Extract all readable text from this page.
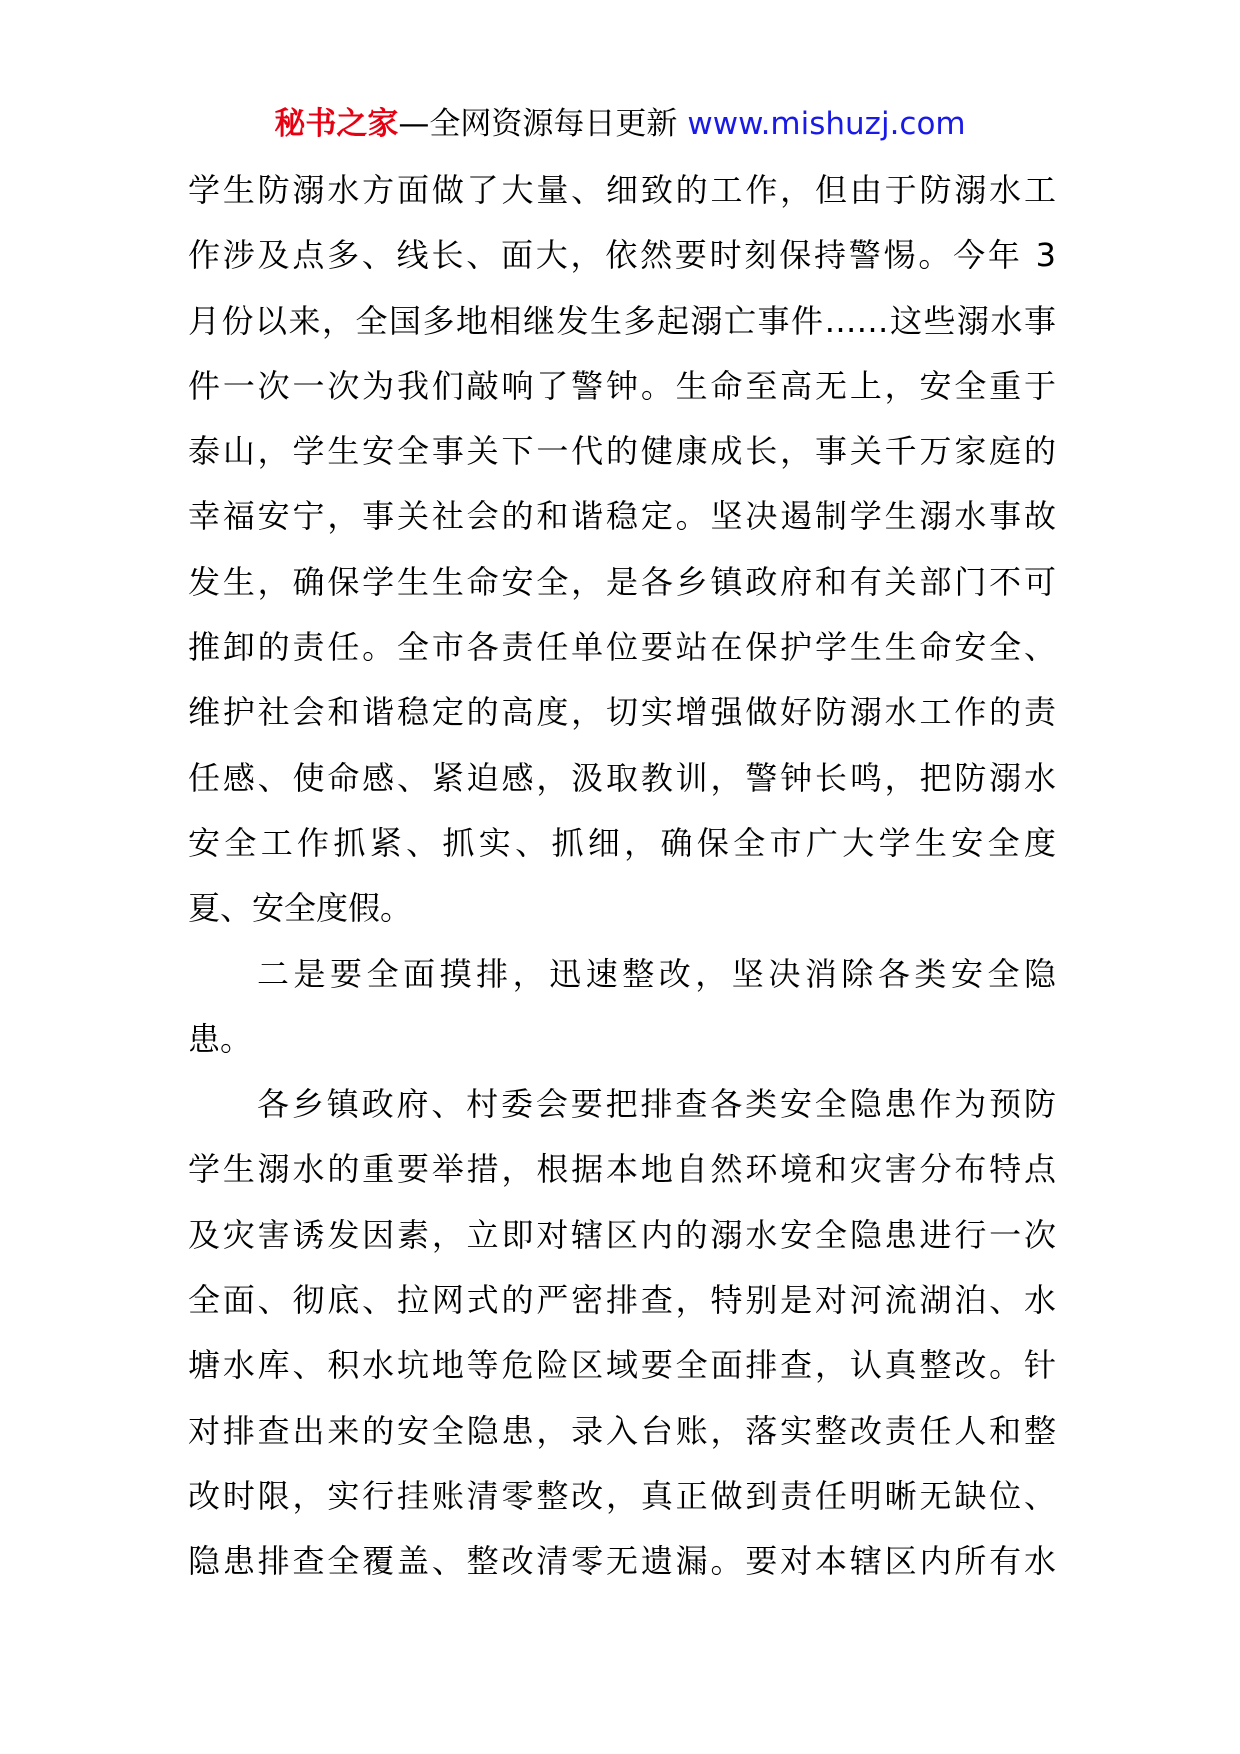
秘书之家—全网资源每日更新 www.mishuzj.com
学生防溺水方面做了大量、细致的工作，但由于防溺水工
作涉及点多、线长、面大，依然要时刻保持警惕。今年 3
月份以来，全国多地相继发生多起溺亡事件……这些溺水事
件一次一次为我们敲响了警钟。生命至高无上，安全重于
泰山，学生安全事关下一代的健康成长，事关千万家庭的
幸福安宁，事关社会的和谐稳定。坚决遏制学生溺水事故
发生，确保学生生命安全，是各乡镇政府和有关部门不可
推卸的责任。全市各责任单位要站在保护学生生命安全、
维护社会和谐稳定的高度，切实增强做好防溺水工作的责
任感、使命感、紧迫感，汲取教训，警钟长鸣，把防溺水
安全工作抓紧、抓实、抓细，确保全市广大学生安全度
夏、安全度假。
二是要全面摸排，迅速整改，坚决消除各类安全隐
患。
各乡镇政府、村委会要把排查各类安全隐患作为预防
学生溺水的重要举措，根据本地自然环境和灾害分布特点
及灾害诱发因素，立即对辖区内的溺水安全隐患进行一次
全面、彻底、拉网式的严密排查，特别是对河流湖泊、水
塘水库、积水坑地等危险区域要全面排查，认真整改。针
对排查出来的安全隐患，录入台账，落实整改责任人和整
改时限，实行挂账清零整改，真正做到责任明晰无缺位、
隐患排查全覆盖、整改清零无遗漏。要对本辖区内所有水
